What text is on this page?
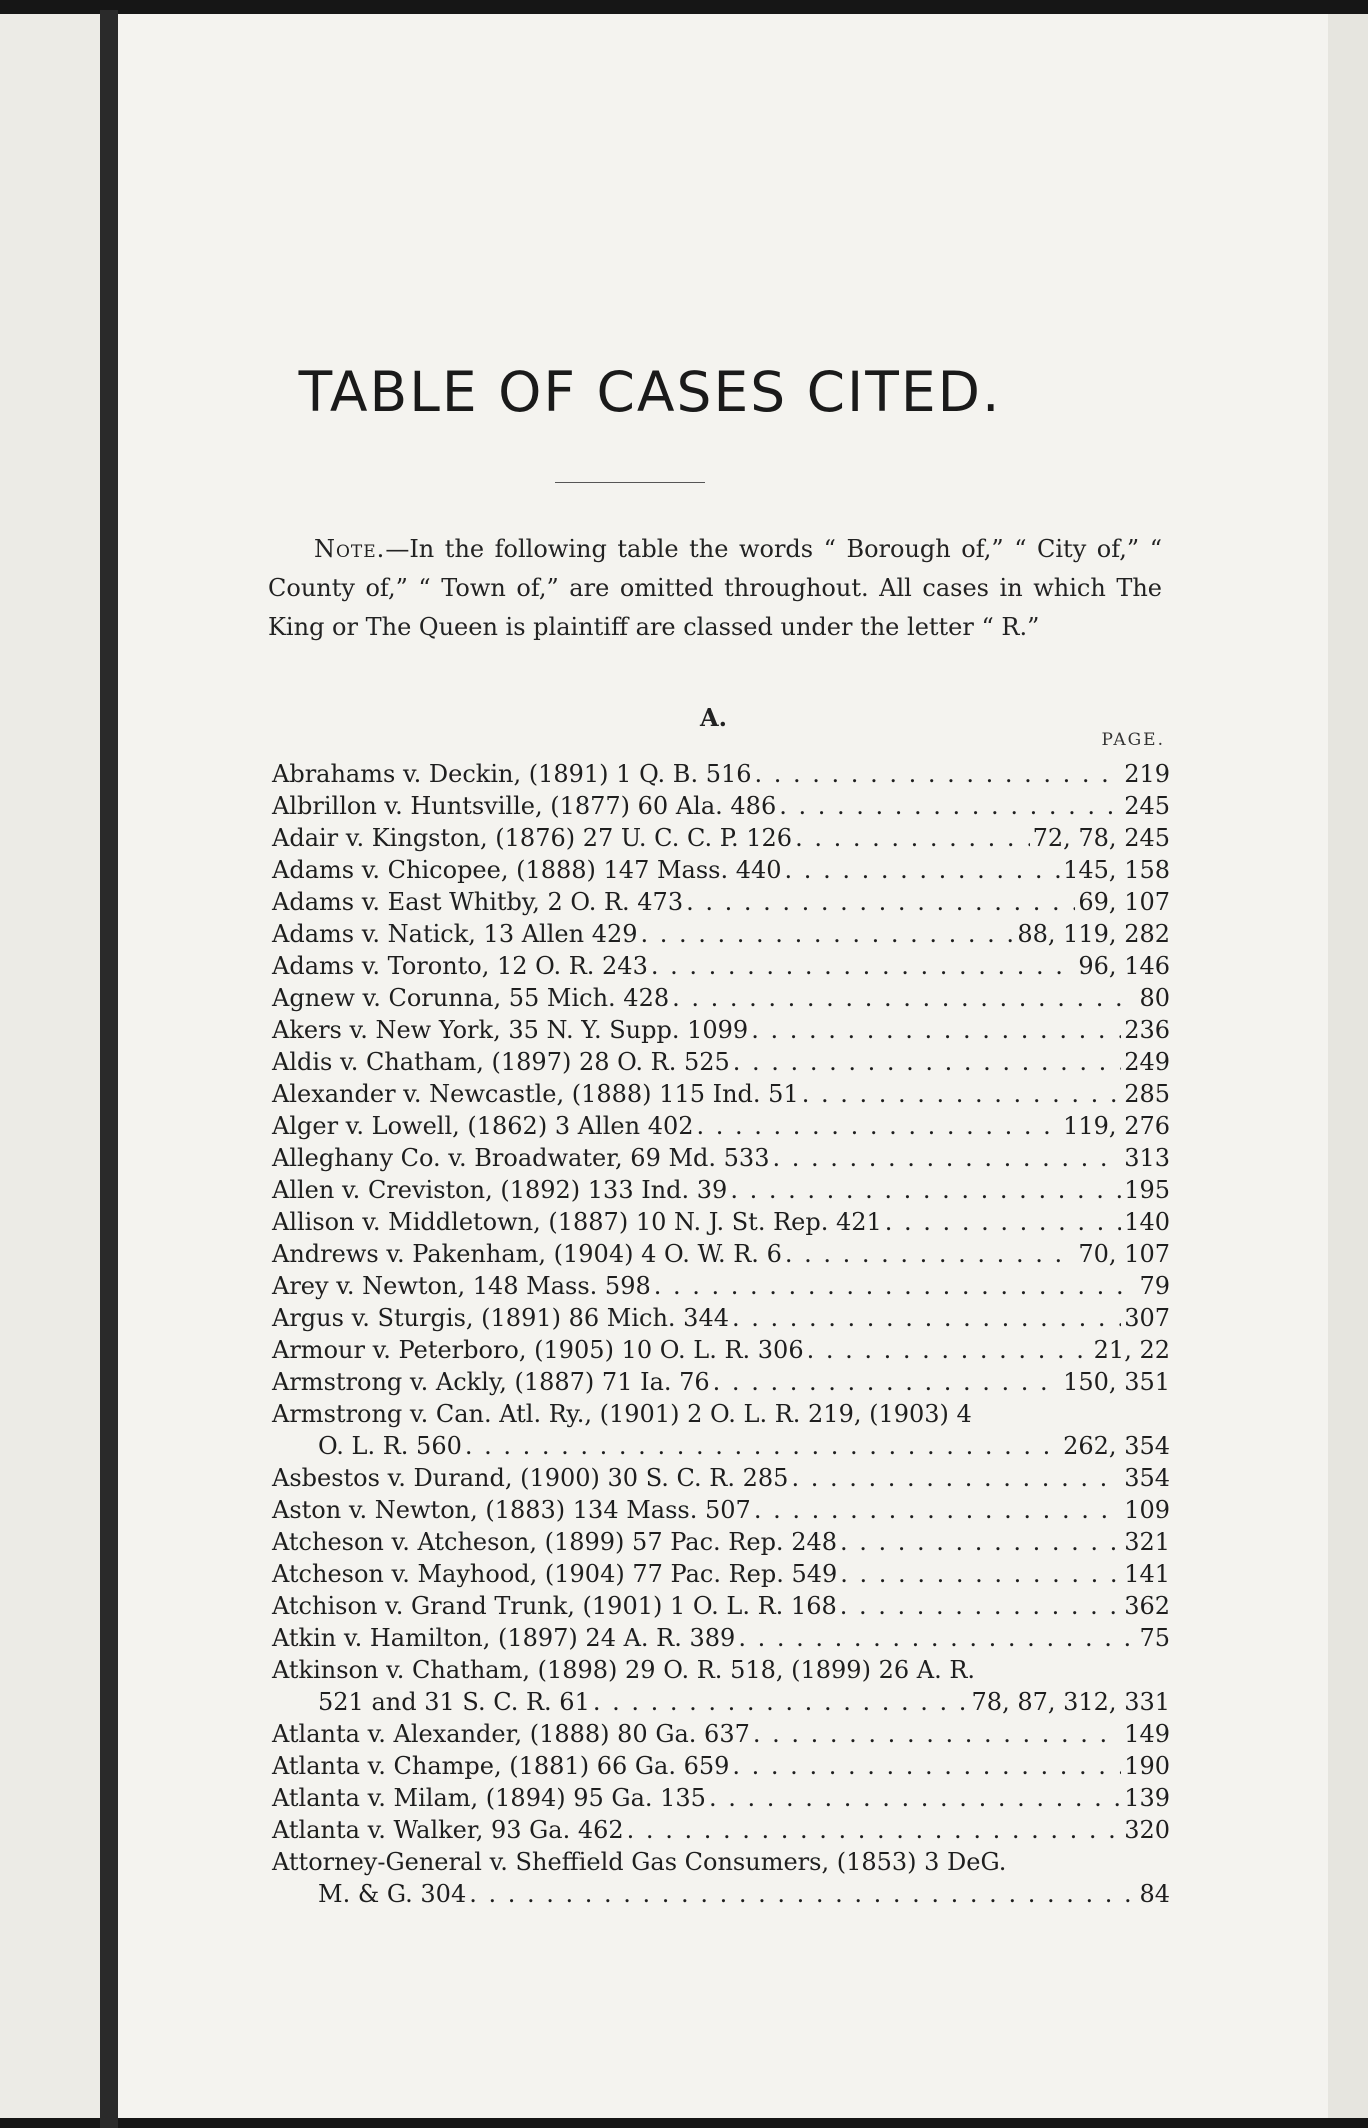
TABLE OF CASES CITED.

Note.—In the following table the words “ Borough of,” “ City of,” “ County of,” “ Town of,” are omitted throughout. All cases in which The King or The Queen is plaintiff are classed under the letter “ R.”

A.
PAGE.
Abrahams v. Deckin, (1891) 1 Q. B. 516 . . .	219
Albrillon v. Huntsville, (1877) 60 Ala. 486 . . .	245
Adair v. Kingston, (1876) 27 U. C. C. P. 126 . . .	72, 78, 245
Adams v. Chicopee, (1888) 147 Mass. 440 . . .	145, 158
Adams v. East Whitby, 2 O. R. 473 . . .	69, 107
Adams v. Natick, 13 Allen 429 . . .	88, 119, 282
Adams v. Toronto, 12 O. R. 243 . . .	96, 146
Agnew v. Corunna, 55 Mich. 428 . . .	80
Akers v. New York, 35 N. Y. Supp. 1099 . . .	236
Aldis v. Chatham, (1897) 28 O. R. 525 . . .	249
Alexander v. Newcastle, (1888) 115 Ind. 51 . . .	285
Alger v. Lowell, (1862) 3 Allen 402 . . .	119, 276
Alleghany Co. v. Broadwater, 69 Md. 533 . . .	313
Allen v. Creviston, (1892) 133 Ind. 39 . . .	195
Allison v. Middletown, (1887) 10 N. J. St. Rep. 421 . . .	140
Andrews v. Pakenham, (1904) 4 O. W. R. 6 . . .	70, 107
Arey v. Newton, 148 Mass. 598 . . .	79
Argus v. Sturgis, (1891) 86 Mich. 344 . . .	307
Armour v. Peterboro, (1905) 10 O. L. R. 306 . . .	21, 22
Armstrong v. Ackly, (1887) 71 Ia. 76 . . .	150, 351
Armstrong v. Can. Atl. Ry., (1901) 2 O. L. R. 219, (1903) 4
O. L. R. 560 . . .	262, 354
Asbestos v. Durand, (1900) 30 S. C. R. 285 . . .	354
Aston v. Newton, (1883) 134 Mass. 507 . . .	109
Atcheson v. Atcheson, (1899) 57 Pac. Rep. 248 . . .	321
Atcheson v. Mayhood, (1904) 77 Pac. Rep. 549 . . .	141
Atchison v. Grand Trunk, (1901) 1 O. L. R. 168 . . .	362
Atkin v. Hamilton, (1897) 24 A. R. 389 . . .	75
Atkinson v. Chatham, (1898) 29 O. R. 518, (1899) 26 A. R.
521 and 31 S. C. R. 61 . . .	78, 87, 312, 331
Atlanta v. Alexander, (1888) 80 Ga. 637 . . .	149
Atlanta v. Champe, (1881) 66 Ga. 659 . . .	190
Atlanta v. Milam, (1894) 95 Ga. 135 . . .	139
Atlanta v. Walker, 93 Ga. 462 . . .	320
Attorney-General v. Sheffield Gas Consumers, (1853) 3 DeG.
M. & G. 304 . . .	84
